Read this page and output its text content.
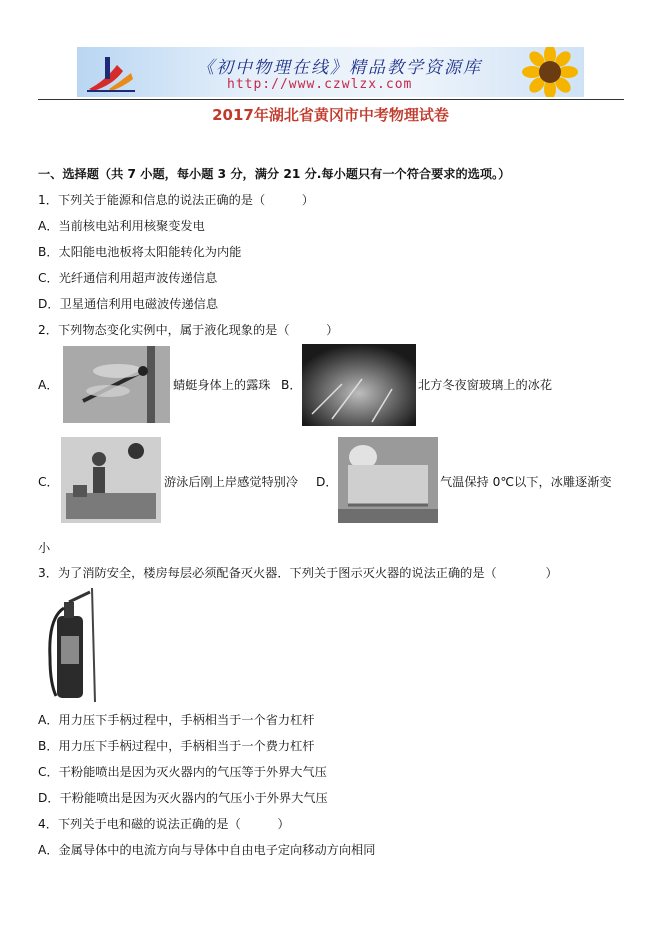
《初中物理在线》精品教学资源库
http://www.czwlzx.com
2017年湖北省黄冈市中考物理试卷
一、选择题（共 7 小题，每小题 3 分，满分 21 分.每小题只有一个符合要求的选项。）
1．下列关于能源和信息的说法正确的是（　　　）
A．当前核电站利用核聚变发电
B．太阳能电池板将太阳能转化为内能
C．光纤通信利用超声波传递信息
D．卫星通信利用电磁波传递信息
2．下列物态变化实例中，属于液化现象的是（　　　）
A．	蜻蜓身体上的露珠 B．	北方冬夜窗玻璃上的冰花
C．	游泳后刚上岸感觉特别冷 D．	气温保持 0℃以下，冰雕逐渐变
小
3．为了消防安全，楼房每层必须配备灭火器．下列关于图示灭火器的说法正确的是（　　　　）
A．用力压下手柄过程中，手柄相当于一个省力杠杆
B．用力压下手柄过程中，手柄相当于一个费力杠杆
C．干粉能喷出是因为灭火器内的气压等于外界大气压
D．干粉能喷出是因为灭火器内的气压小于外界大气压
4．下列关于电和磁的说法正确的是（　　　）
A．金属导体中的电流方向与导体中自由电子定向移动方向相同
